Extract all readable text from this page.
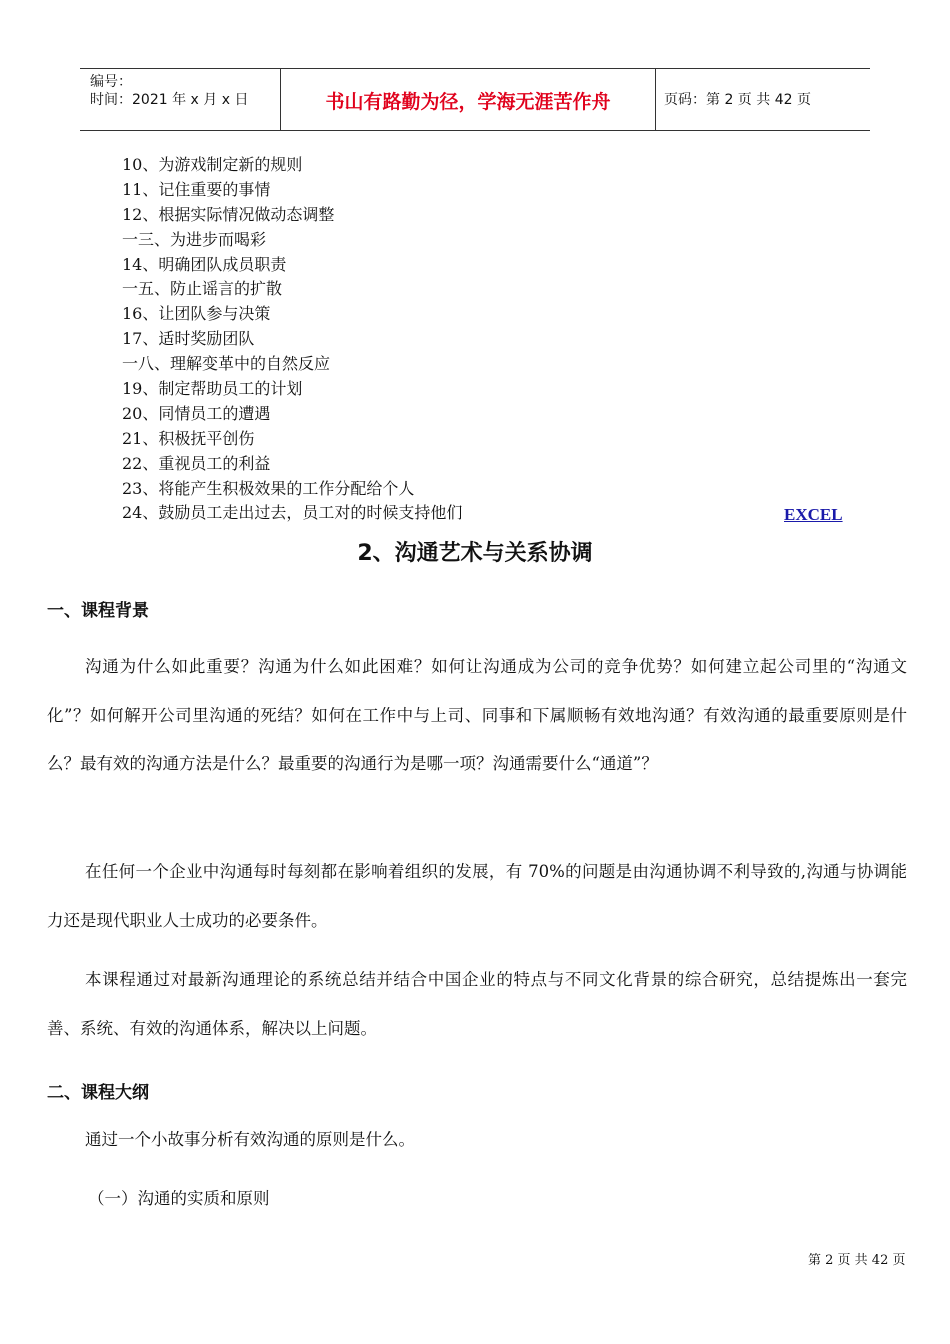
编号：
时间：2021 年 x 月 x 日	书山有路勤为径，学海无涯苦作舟	页码：第 2 页 共 42 页
10、为游戏制定新的规则
11、记住重要的事情
12、根据实际情况做动态调整
一三、为进步而喝彩
14、明确团队成员职责
一五、防止谣言的扩散
16、让团队参与决策
17、适时奖励团队
一八、理解变革中的自然反应
19、制定帮助员工的计划
20、同情员工的遭遇
21、积极抚平创伤
22、重视员工的利益
23、将能产生积极效果的工作分配给个人
24、鼓励员工走出过去，员工对的时候支持他们	EXCEL
2、沟通艺术与关系协调
一、课程背景

沟通为什么如此重要？沟通为什么如此困难？如何让沟通成为公司的竞争优势？如何建立起公司里的“沟通文化”？如何解开公司里沟通的死结？如何在工作中与上司、同事和下属顺畅有效地沟通？有效沟通的最重要原则是什么？最有效的沟通方法是什么？最重要的沟通行为是哪一项？沟通需要什么“通道”？

在任何一个企业中沟通每时每刻都在影响着组织的发展，有 70%的问题是由沟通协调不利导致的,沟通与协调能力还是现代职业人士成功的必要条件。

本课程通过对最新沟通理论的系统总结并结合中国企业的特点与不同文化背景的综合研究，总结提炼出一套完善、系统、有效的沟通体系，解决以上问题。

二、课程大纲
通过一个小故事分析有效沟通的原则是什么。
（一）沟通的实质和原则
第 2 页 共 42 页
